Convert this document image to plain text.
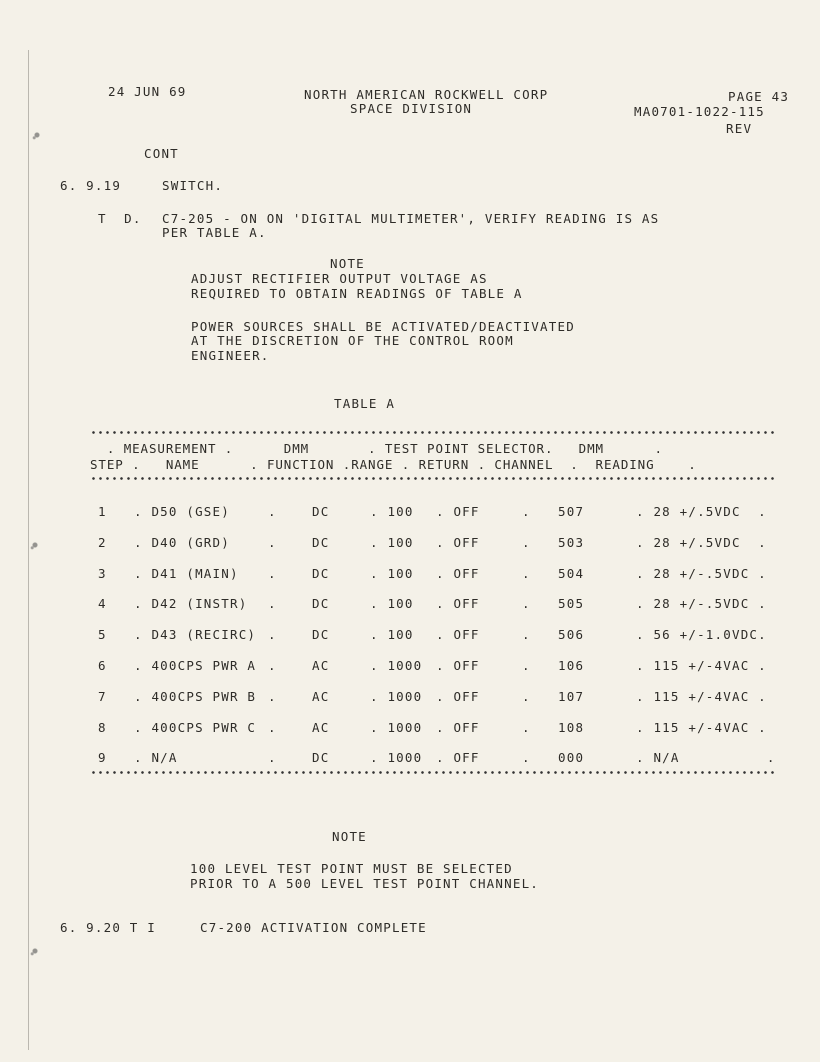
24 JUN 69	NORTH AMERICAN ROCKWELL CORP
SPACE DIVISION
PAGE 43
MA0701-1022-115
REV
CONT
6. 9.19	SWITCH.
T  D. C7-205 - ON ON 'DIGITAL MULTIMETER', VERIFY READING IS AS
PER TABLE A.
NOTE
ADJUST RECTIFIER OUTPUT VOLTAGE AS
REQUIRED TO OBTAIN READINGS OF TABLE A
POWER SOURCES SHALL BE ACTIVATED/DEACTIVATED
AT THE DISCRETION OF THE CONTROL ROOM
ENGINEER.
TABLE A
. MEASUREMENT .      DMM       . TEST POINT SELECTOR.   DMM      .
STEP .   NAME      . FUNCTION .RANGE . RETURN . CHANNEL  .  READING    .
1 . D50 (GSE)	.	DC	. 100 . OFF	. 507	. 28 +/.5VDC  .
2 . D40 (GRD)	.	DC	. 100 . OFF	. 503	. 28 +/.5VDC  .
3 . D41 (MAIN) .	DC	. 100 . OFF	. 504	. 28 +/-.5VDC .
4 . D42 (INSTR) .	DC	. 100 . OFF	. 505	. 28 +/-.5VDC .
5 . D43 (RECIRC) .	DC	. 100 . OFF	. 506	. 56 +/-1.0VDC.
6 . 400CPS PWR A .	AC	. 1000 . OFF	. 106	. 115 +/-4VAC .
7 . 400CPS PWR B .	AC	. 1000 . OFF	. 107	. 115 +/-4VAC .
8 . 400CPS PWR C .	AC	. 1000 . OFF	. 108	. 115 +/-4VAC .
9 . N/A	.	DC	. 1000 . OFF	. 000	. N/A          .
NOTE
100 LEVEL TEST POINT MUST BE SELECTED
PRIOR TO A 500 LEVEL TEST POINT CHANNEL.
6. 9.20 T I	C7-200 ACTIVATION COMPLETE
